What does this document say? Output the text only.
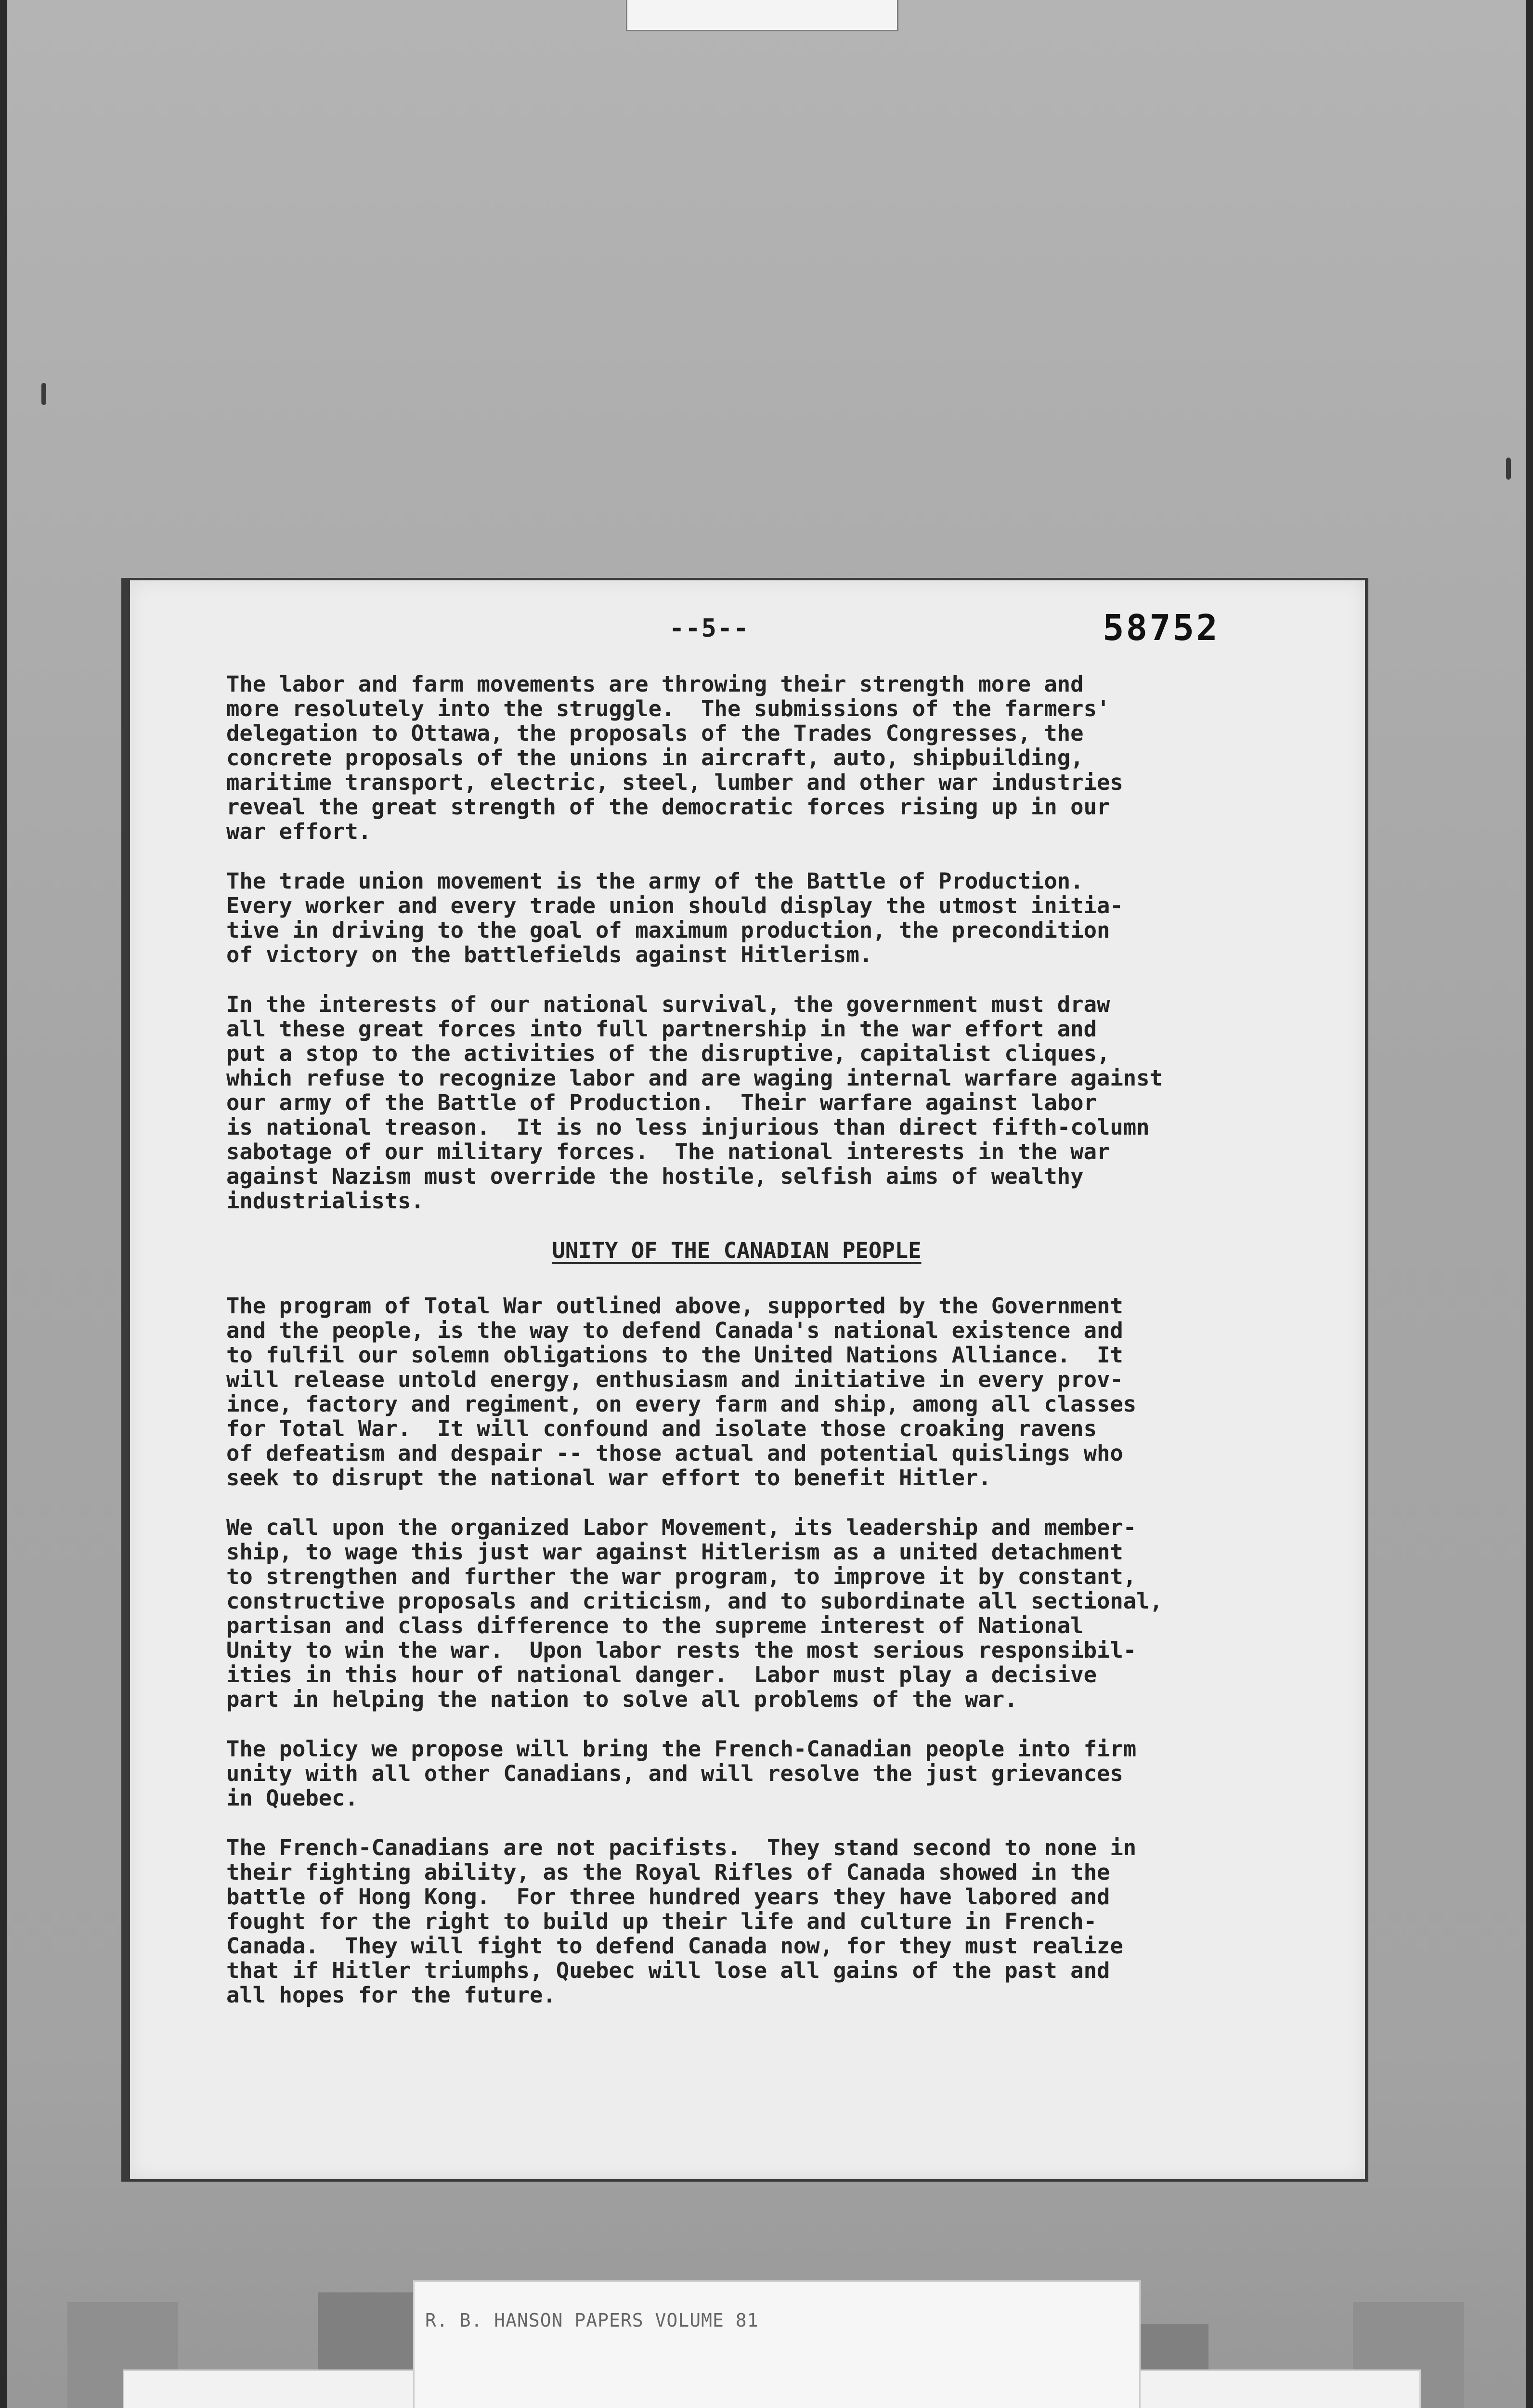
--5--	58752
The labor and farm movements are throwing their strength more and
more resolutely into the struggle.  The submissions of the farmers'
delegation to Ottawa, the proposals of the Trades Congresses, the
concrete proposals of the unions in aircraft, auto, shipbuilding,
maritime transport, electric, steel, lumber and other war industries
reveal the great strength of the democratic forces rising up in our
war effort.
The trade union movement is the army of the Battle of Production.
Every worker and every trade union should display the utmost initia-
tive in driving to the goal of maximum production, the precondition
of victory on the battlefields against Hitlerism.
In the interests of our national survival, the government must draw
all these great forces into full partnership in the war effort and
put a stop to the activities of the disruptive, capitalist cliques,
which refuse to recognize labor and are waging internal warfare against
our army of the Battle of Production.  Their warfare against labor
is national treason.  It is no less injurious than direct fifth-column
sabotage of our military forces.  The national interests in the war
against Nazism must override the hostile, selfish aims of wealthy
industrialists.
UNITY OF THE CANADIAN PEOPLE
The program of Total War outlined above, supported by the Government
and the people, is the way to defend Canada's national existence and
to fulfil our solemn obligations to the United Nations Alliance.  It
will release untold energy, enthusiasm and initiative in every prov-
ince, factory and regiment, on every farm and ship, among all classes
for Total War.  It will confound and isolate those croaking ravens
of defeatism and despair -- those actual and potential quislings who
seek to disrupt the national war effort to benefit Hitler.
We call upon the organized Labor Movement, its leadership and member-
ship, to wage this just war against Hitlerism as a united detachment
to strengthen and further the war program, to improve it by constant,
constructive proposals and criticism, and to subordinate all sectional,
partisan and class difference to the supreme interest of National
Unity to win the war.  Upon labor rests the most serious responsibil-
ities in this hour of national danger.  Labor must play a decisive
part in helping the nation to solve all problems of the war.
The policy we propose will bring the French-Canadian people into firm
unity with all other Canadians, and will resolve the just grievances
in Quebec.
The French-Canadians are not pacifists.  They stand second to none in
their fighting ability, as the Royal Rifles of Canada showed in the
battle of Hong Kong.  For three hundred years they have labored and
fought for the right to build up their life and culture in French-
Canada.  They will fight to defend Canada now, for they must realize
that if Hitler triumphs, Quebec will lose all gains of the past and
all hopes for the future.
R. B. HANSON PAPERS VOLUME 81
